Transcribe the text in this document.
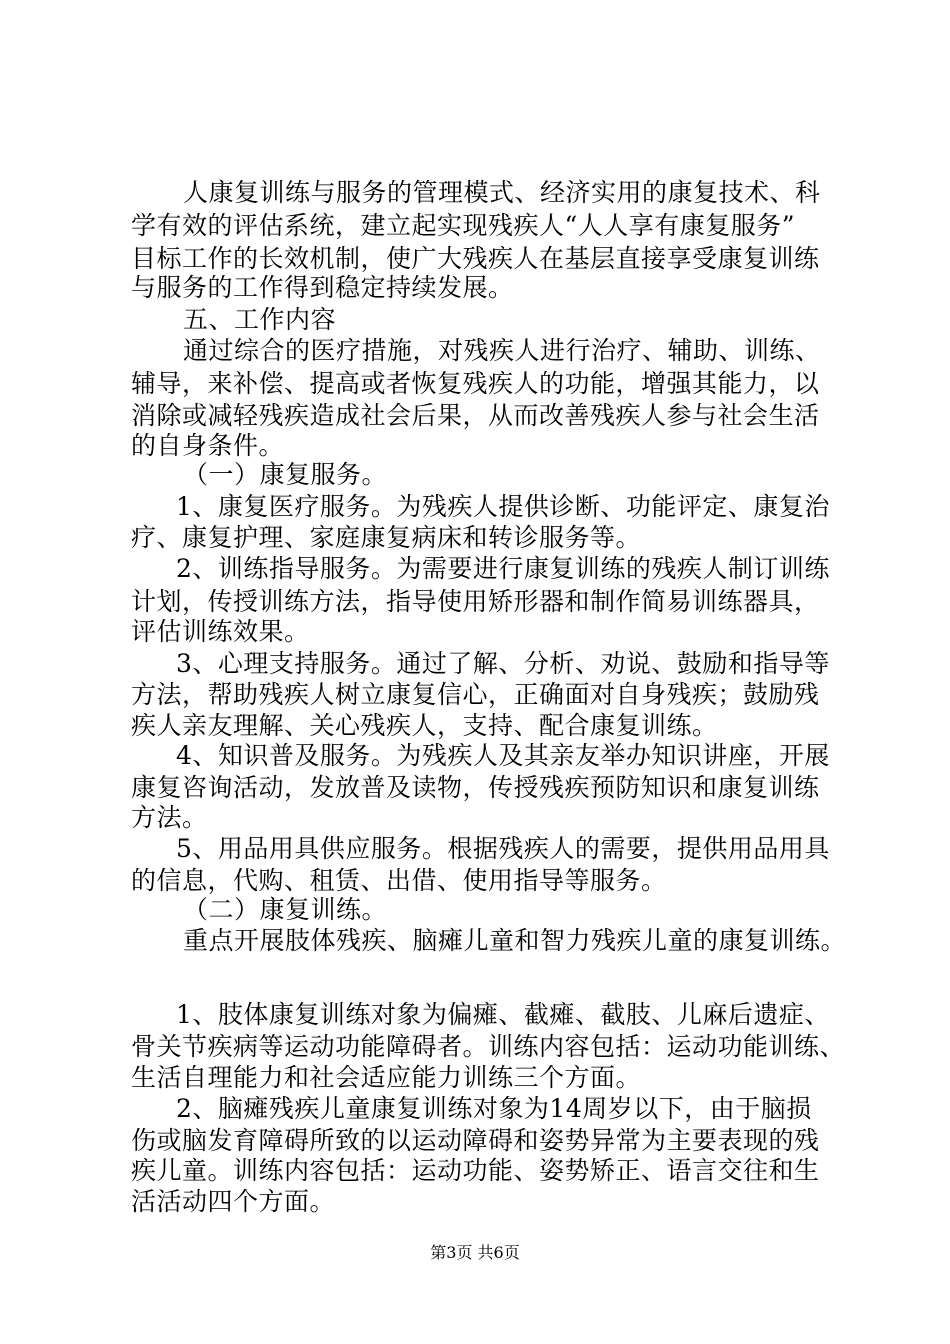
人康复训练与服务的管理模式、经济实用的康复技术、科
学有效的评估系统，建立起实现残疾人“人人享有康复服务”
目标工作的长效机制，使广大残疾人在基层直接享受康复训练
与服务的工作得到稳定持续发展。
五、工作内容
通过综合的医疗措施，对残疾人进行治疗、辅助、训练、
辅导，来补偿、提高或者恢复残疾人的功能，增强其能力，以
消除或减轻残疾造成社会后果，从而改善残疾人参与社会生活
的自身条件。
（一）康复服务。
1、康复医疗服务。为残疾人提供诊断、功能评定、康复治
疗、康复护理、家庭康复病床和转诊服务等。
2、训练指导服务。为需要进行康复训练的残疾人制订训练
计划，传授训练方法，指导使用矫形器和制作简易训练器具，
评估训练效果。
3、心理支持服务。通过了解、分析、劝说、鼓励和指导等
方法，帮助残疾人树立康复信心，正确面对自身残疾；鼓励残
疾人亲友理解、关心残疾人，支持、配合康复训练。
4、知识普及服务。为残疾人及其亲友举办知识讲座，开展
康复咨询活动，发放普及读物，传授残疾预防知识和康复训练
方法。
5、用品用具供应服务。根据残疾人的需要，提供用品用具
的信息，代购、租赁、出借、使用指导等服务。
（二）康复训练。
重点开展肢体残疾、脑瘫儿童和智力残疾儿童的康复训练。
1、肢体康复训练对象为偏瘫、截瘫、截肢、儿麻后遗症、
骨关节疾病等运动功能障碍者。训练内容包括：运动功能训练、
生活自理能力和社会适应能力训练三个方面。
2、脑瘫残疾儿童康复训练对象为14周岁以下，由于脑损
伤或脑发育障碍所致的以运动障碍和姿势异常为主要表现的残
疾儿童。训练内容包括：运动功能、姿势矫正、语言交往和生
活活动四个方面。
第3页 共6页
